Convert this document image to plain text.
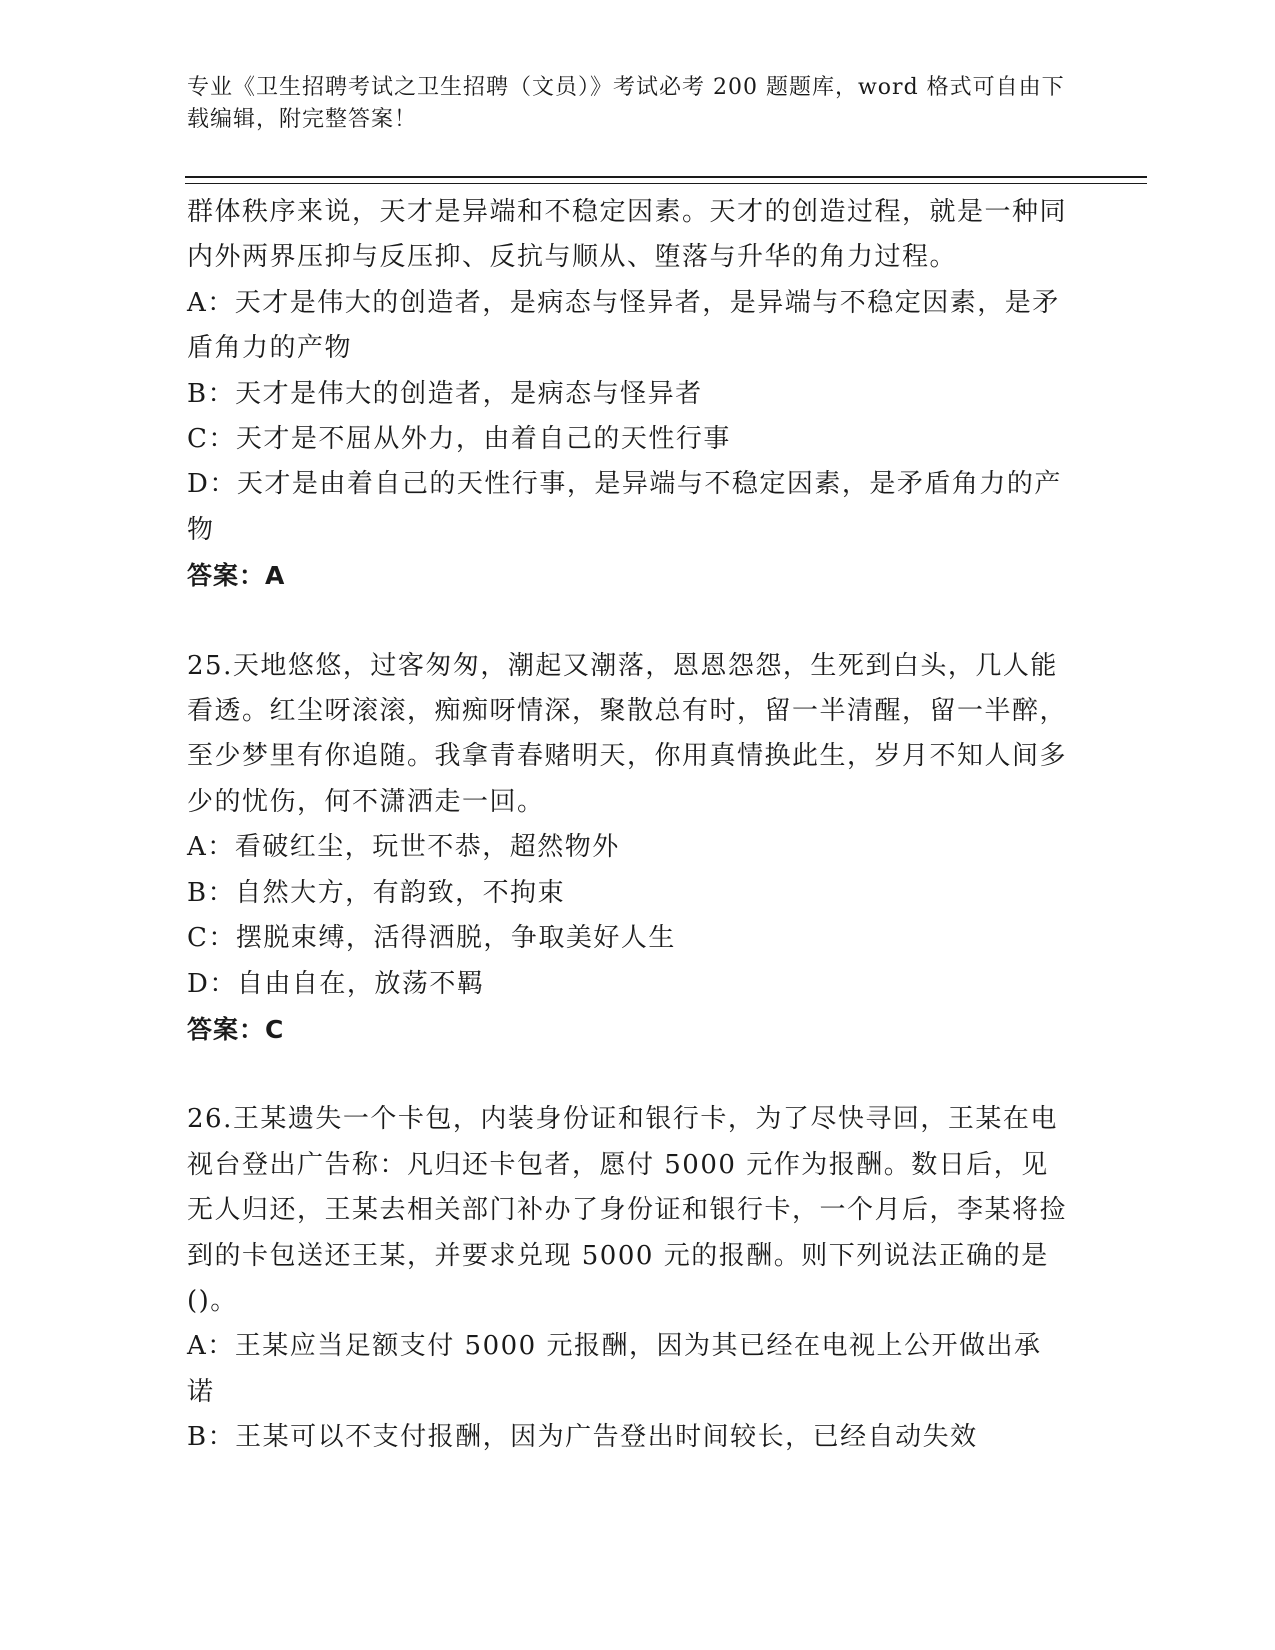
专业《卫生招聘考试之卫生招聘（文员）》考试必考 200 题题库，word 格式可自由下载编辑，附完整答案！

群体秩序来说，天才是异端和不稳定因素。天才的创造过程，就是一种同内外两界压抑与反压抑、反抗与顺从、堕落与升华的角力过程。

A：天才是伟大的创造者，是病态与怪异者，是异端与不稳定因素，是矛盾角力的产物

B：天才是伟大的创造者，是病态与怪异者

C：天才是不屈从外力，由着自己的天性行事

D：天才是由着自己的天性行事，是异端与不稳定因素，是矛盾角力的产物

答案：A

25.天地悠悠，过客匆匆，潮起又潮落，恩恩怨怨，生死到白头，几人能看透。红尘呀滚滚，痴痴呀情深，聚散总有时，留一半清醒，留一半醉，至少梦里有你追随。我拿青春赌明天，你用真情换此生，岁月不知人间多少的忧伤，何不潇洒走一回。

A：看破红尘，玩世不恭，超然物外

B：自然大方，有韵致，不拘束

C：摆脱束缚，活得洒脱，争取美好人生

D：自由自在，放荡不羁

答案：C

26.王某遗失一个卡包，内装身份证和银行卡，为了尽快寻回，王某在电视台登出广告称：凡归还卡包者，愿付 5000 元作为报酬。数日后，见无人归还，王某去相关部门补办了身份证和银行卡，一个月后，李某将捡到的卡包送还王某，并要求兑现 5000 元的报酬。则下列说法正确的是()。

A：王某应当足额支付 5000 元报酬，因为其已经在电视上公开做出承诺

B：王某可以不支付报酬，因为广告登出时间较长，已经自动失效
